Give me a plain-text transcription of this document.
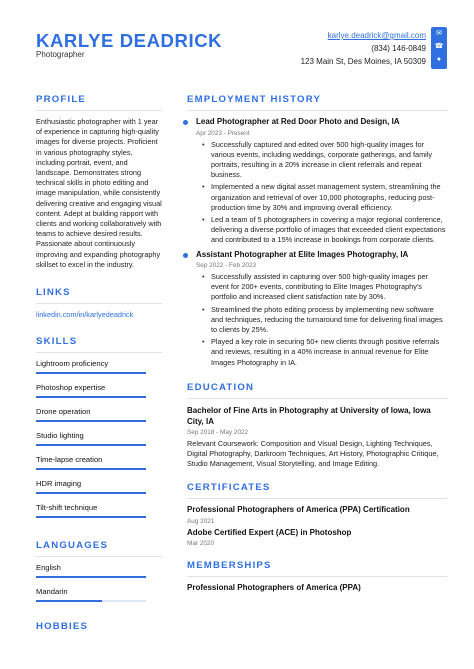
KARLYE DEADRICK
Photographer
karlye.deadrick@gmail.com
(834) 146-0849
123 Main St, Des Moines, IA 50309
✉
☎
●
PROFILE
Enthusiastic photographer with 1 year of experience in capturing high-quality images for diverse projects. Proficient in various photography styles, including portrait, event, and landscape. Demonstrates strong technical skills in photo editing and image manipulation, while consistently delivering creative and engaging visual content. Adept at building rapport with clients and working collaboratively with teams to achieve desired results. Passionate about continuously improving and expanding photography skillset to excel in the industry.
LINKS
linkedin.com/in/karlyedeadrick
SKILLS
Lightroom proficiency
Photoshop expertise
Drone operation
Studio lighting
Time-lapse creation
HDR imaging
Tilt-shift technique
LANGUAGES
English
Mandarin
HOBBIES
EMPLOYMENT HISTORY
Lead Photographer at Red Door Photo and Design, IA
Apr 2023 - Present
• Successfully captured and edited over 500 high-quality images for various events, including weddings, corporate gatherings, and family portraits, resulting in a 20% increase in client referrals and repeat business.
• Implemented a new digital asset management system, streamlining the organization and retrieval of over 10,000 photographs, reducing post-production time by 30% and improving overall efficiency.
• Led a team of 5 photographers in covering a major regional conference, delivering a diverse portfolio of images that exceeded client expectations and contributed to a 15% increase in bookings from corporate clients.
Assistant Photographer at Elite Images Photography, IA
Sep 2022 - Feb 2023
• Successfully assisted in capturing over 500 high-quality images per event for 200+ events, contributing to Elite Images Photography's portfolio and increased client satisfaction rate by 30%.
• Streamlined the photo editing process by implementing new software and techniques, reducing the turnaround time for delivering final images to clients by 25%.
• Played a key role in securing 50+ new clients through positive referrals and reviews, resulting in a 40% increase in annual revenue for Elite Images Photography in IA.
EDUCATION
Bachelor of Fine Arts in Photography at University of Iowa, Iowa City, IA
Sep 2018 - May 2022
Relevant Coursework: Composition and Visual Design, Lighting Techniques, Digital Photography, Darkroom Techniques, Art History, Photographic Critique, Studio Management, Visual Storytelling, and Image Editing.
CERTIFICATES
Professional Photographers of America (PPA) Certification
Aug 2021
Adobe Certified Expert (ACE) in Photoshop
Mar 2020
MEMBERSHIPS
Professional Photographers of America (PPA)
